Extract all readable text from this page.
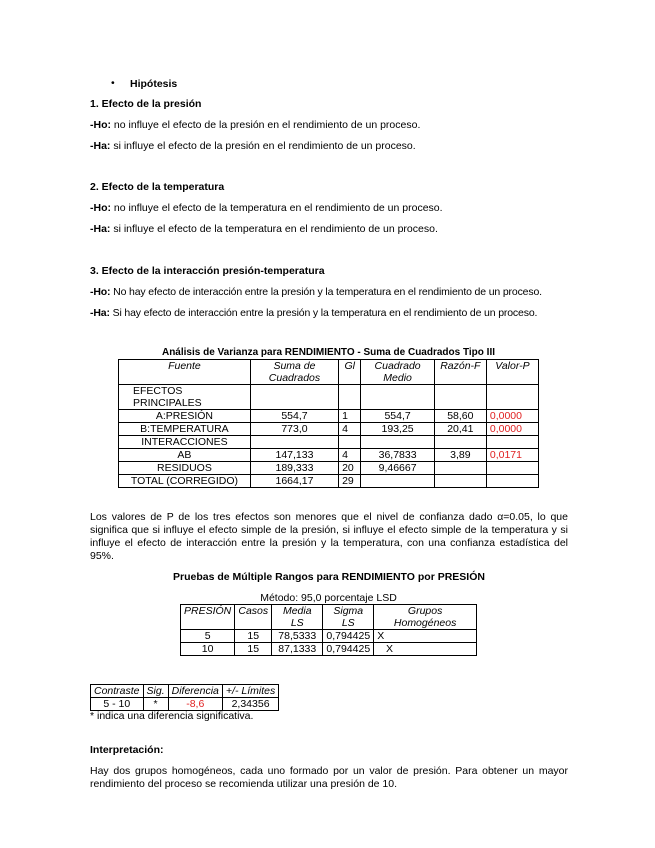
• Hipótesis
1. Efecto de la presión
-Ho: no influye el efecto de la presión en el rendimiento de un proceso.
-Ha: si influye el efecto de la presión en el rendimiento de un proceso.
2. Efecto de la temperatura
-Ho: no influye el efecto de la temperatura en el rendimiento de un proceso.
-Ha: si influye el efecto de la temperatura en el rendimiento de un proceso.
3. Efecto de la interacción presión-temperatura
-Ho: No hay efecto de interacción entre la presión y la temperatura en el rendimiento de un proceso.
-Ha: Si hay efecto de interacción entre la presión y la temperatura en el rendimiento de un proceso.
Análisis de Varianza para RENDIMIENTO - Suma de Cuadrados Tipo III
Fuente	Suma de Cuadrados	Gl	Cuadrado Medio	Razón-F	Valor-P
EFECTOS PRINCIPALES					
A:PRESIÓN	554,7	1	554,7	58,60	0,0000
B:TEMPERATURA	773,0	4	193,25	20,41	0,0000
INTERACCIONES					
AB	147,133	4	36,7833	3,89	0,0171
RESIDUOS	189,333	20	9,46667		
TOTAL (CORREGIDO)	1664,17	29			
Los valores de P de los tres efectos son menores que el nivel de confianza dado α=0.05, lo que significa que si influye el efecto simple de la presión, si influye el efecto simple de la temperatura y si influye el efecto de interacción entre la presión y la temperatura, con una confianza estadística del 95%.
Pruebas de Múltiple Rangos para RENDIMIENTO por PRESIÓN
Método: 95,0 porcentaje LSD
PRESIÓN	Casos	Media LS	Sigma LS	Grupos Homogéneos
5	15	78,5333	0,794425	X
10	15	87,1333	0,794425	X
Contraste	Sig.	Diferencia	+/- Límites
5 - 10	*	-8,6	2,34356
* indica una diferencia significativa.
Interpretación:
Hay dos grupos homogéneos, cada uno formado por un valor de presión. Para obtener un mayor rendimiento del proceso se recomienda utilizar una presión de 10.
